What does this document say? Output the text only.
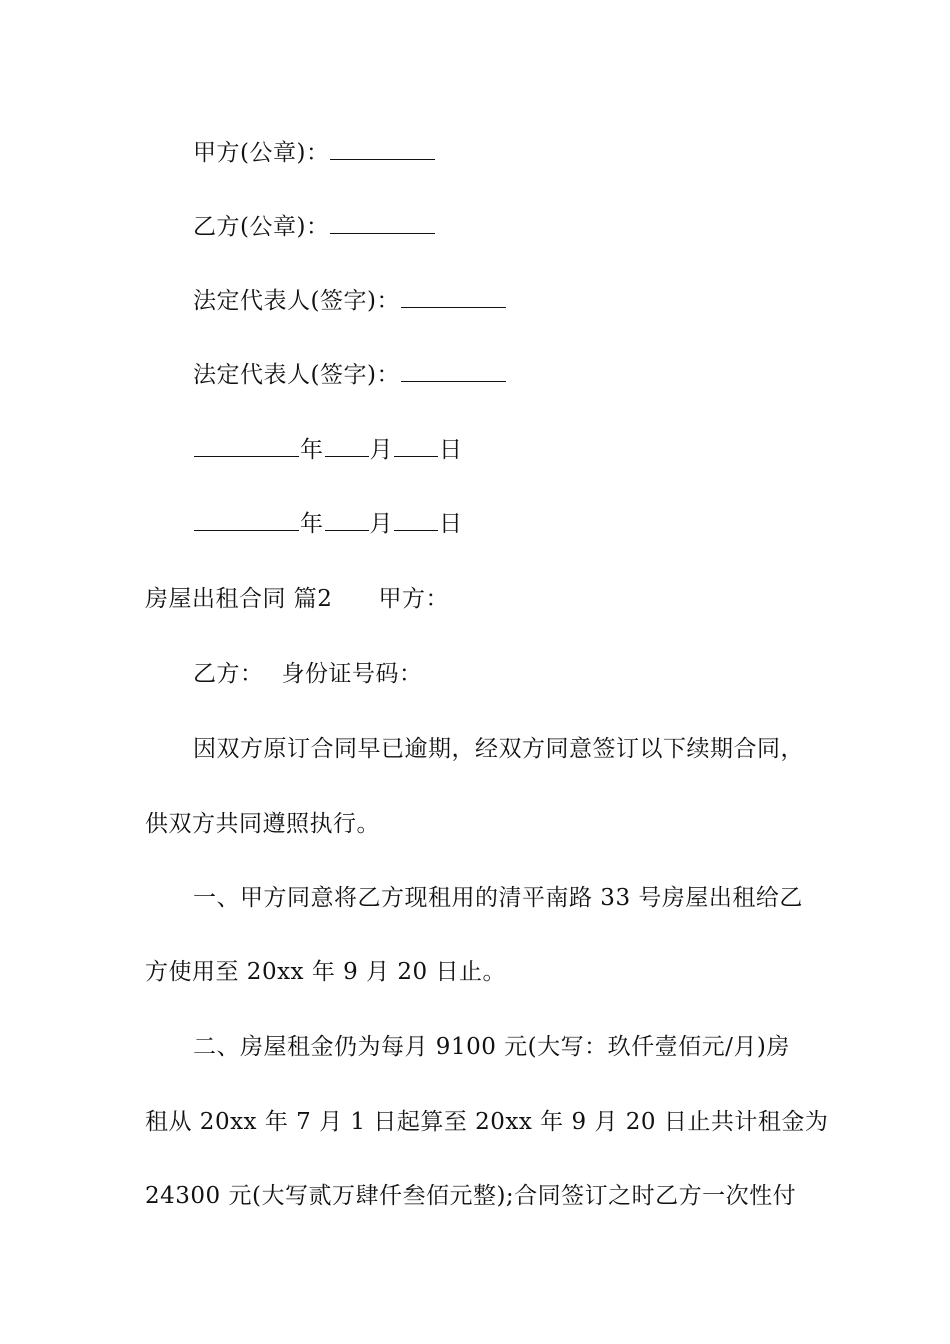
甲方(公章)：
乙方(公章)：
法定代表人(签字)：
法定代表人(签字)：
年 月 日
年 月 日
房屋出租合同 篇2 甲方：
乙方： 身份证号码：
因双方原订合同早已逾期，经双方同意签订以下续期合同，
供双方共同遵照执行。
一、甲方同意将乙方现租用的清平南路 33 号房屋出租给乙
方使用至 20xx 年 9 月 20 日止。
二、房屋租金仍为每月 9100 元(大写：玖仟壹佰元/月)房
租从 20xx 年 7 月 1 日起算至 20xx 年 9 月 20 日止共计租金为
24300 元(大写贰万肆仟叁佰元整);合同签订之时乙方一次性付
